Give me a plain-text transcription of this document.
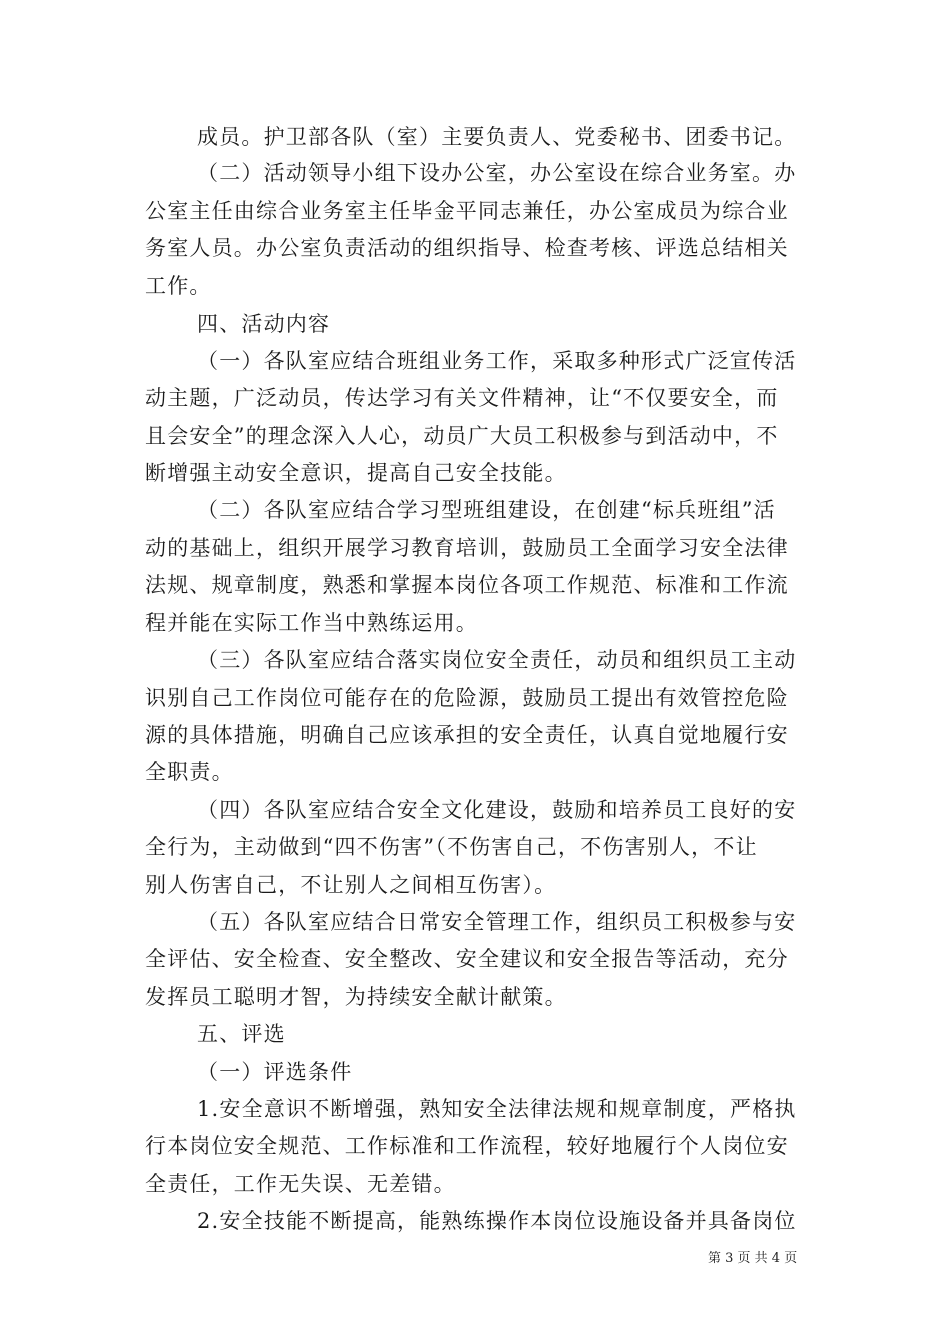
成员。护卫部各队（室）主要负责人、党委秘书、团委书记。
（二）活动领导小组下设办公室，办公室设在综合业务室。办
公室主任由综合业务室主任毕金平同志兼任，办公室成员为综合业
务室人员。办公室负责活动的组织指导、检查考核、评选总结相关
工作。
四、活动内容
（一）各队室应结合班组业务工作，采取多种形式广泛宣传活
动主题，广泛动员，传达学习有关文件精神，让“不仅要安全，而
且会安全”的理念深入人心，动员广大员工积极参与到活动中，不
断增强主动安全意识，提高自己安全技能。
（二）各队室应结合学习型班组建设，在创建“标兵班组”活
动的基础上，组织开展学习教育培训，鼓励员工全面学习安全法律
法规、规章制度，熟悉和掌握本岗位各项工作规范、标准和工作流
程并能在实际工作当中熟练运用。
（三）各队室应结合落实岗位安全责任，动员和组织员工主动
识别自己工作岗位可能存在的危险源，鼓励员工提出有效管控危险
源的具体措施，明确自己应该承担的安全责任，认真自觉地履行安
全职责。
（四）各队室应结合安全文化建设，鼓励和培养员工良好的安
全行为，主动做到“四不伤害”（不伤害自己，不伤害别人，不让
别人伤害自己，不让别人之间相互伤害）。
（五）各队室应结合日常安全管理工作，组织员工积极参与安
全评估、安全检查、安全整改、安全建议和安全报告等活动，充分
发挥员工聪明才智，为持续安全献计献策。
五、评选
（一）评选条件
1.安全意识不断增强，熟知安全法律法规和规章制度，严格执
行本岗位安全规范、工作标准和工作流程，较好地履行个人岗位安
全责任，工作无失误、无差错。
2.安全技能不断提高，能熟练操作本岗位设施设备并具备岗位
第 3 页 共 4 页
